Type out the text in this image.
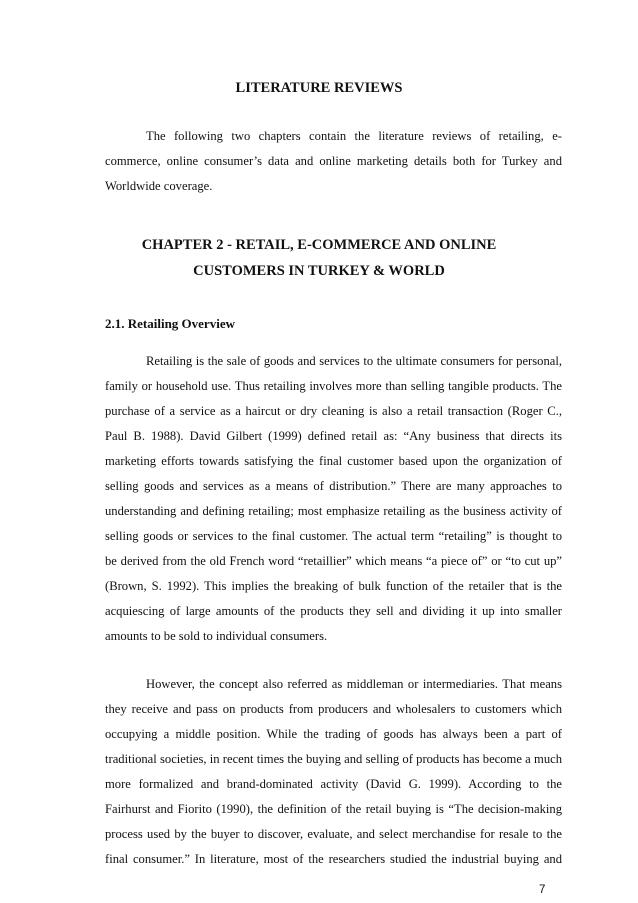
LITERATURE REVIEWS
The following two chapters contain the literature reviews of retailing, e-
commerce, online consumer’s data and online marketing details both for Turkey and
Worldwide coverage.
CHAPTER 2 - RETAIL, E-COMMERCE AND ONLINE
CUSTOMERS IN TURKEY & WORLD
2.1. Retailing Overview
Retailing is the sale of goods and services to the ultimate consumers for personal,
family or household use. Thus retailing involves more than selling tangible products. The
purchase of a service as a haircut or dry cleaning is also a retail transaction (Roger C.,
Paul B. 1988). David Gilbert (1999) defined retail as: “Any business that directs its
marketing efforts towards satisfying the final customer based upon the organization of
selling goods and services as a means of distribution.” There are many approaches to
understanding and defining retailing; most emphasize retailing as the business activity of
selling goods or services to the final customer. The actual term “retailing” is thought to
be derived from the old French word “retaillier” which means “a piece of” or “to cut up”
(Brown, S. 1992). This implies the breaking of bulk function of the retailer that is the
acquiescing of large amounts of the products they sell and dividing it up into smaller
amounts to be sold to individual consumers.
However, the concept also referred as middleman or intermediaries. That means
they receive and pass on products from producers and wholesalers to customers which
occupying a middle position. While the trading of goods has always been a part of
traditional societies, in recent times the buying and selling of products has become a much
more formalized and brand-dominated activity (David G. 1999). According to the
Fairhurst and Fiorito (1990), the definition of the retail buying is “The decision-making
process used by the buyer to discover, evaluate, and select merchandise for resale to the
final consumer.” In literature, most of the researchers studied the industrial buying and
7
